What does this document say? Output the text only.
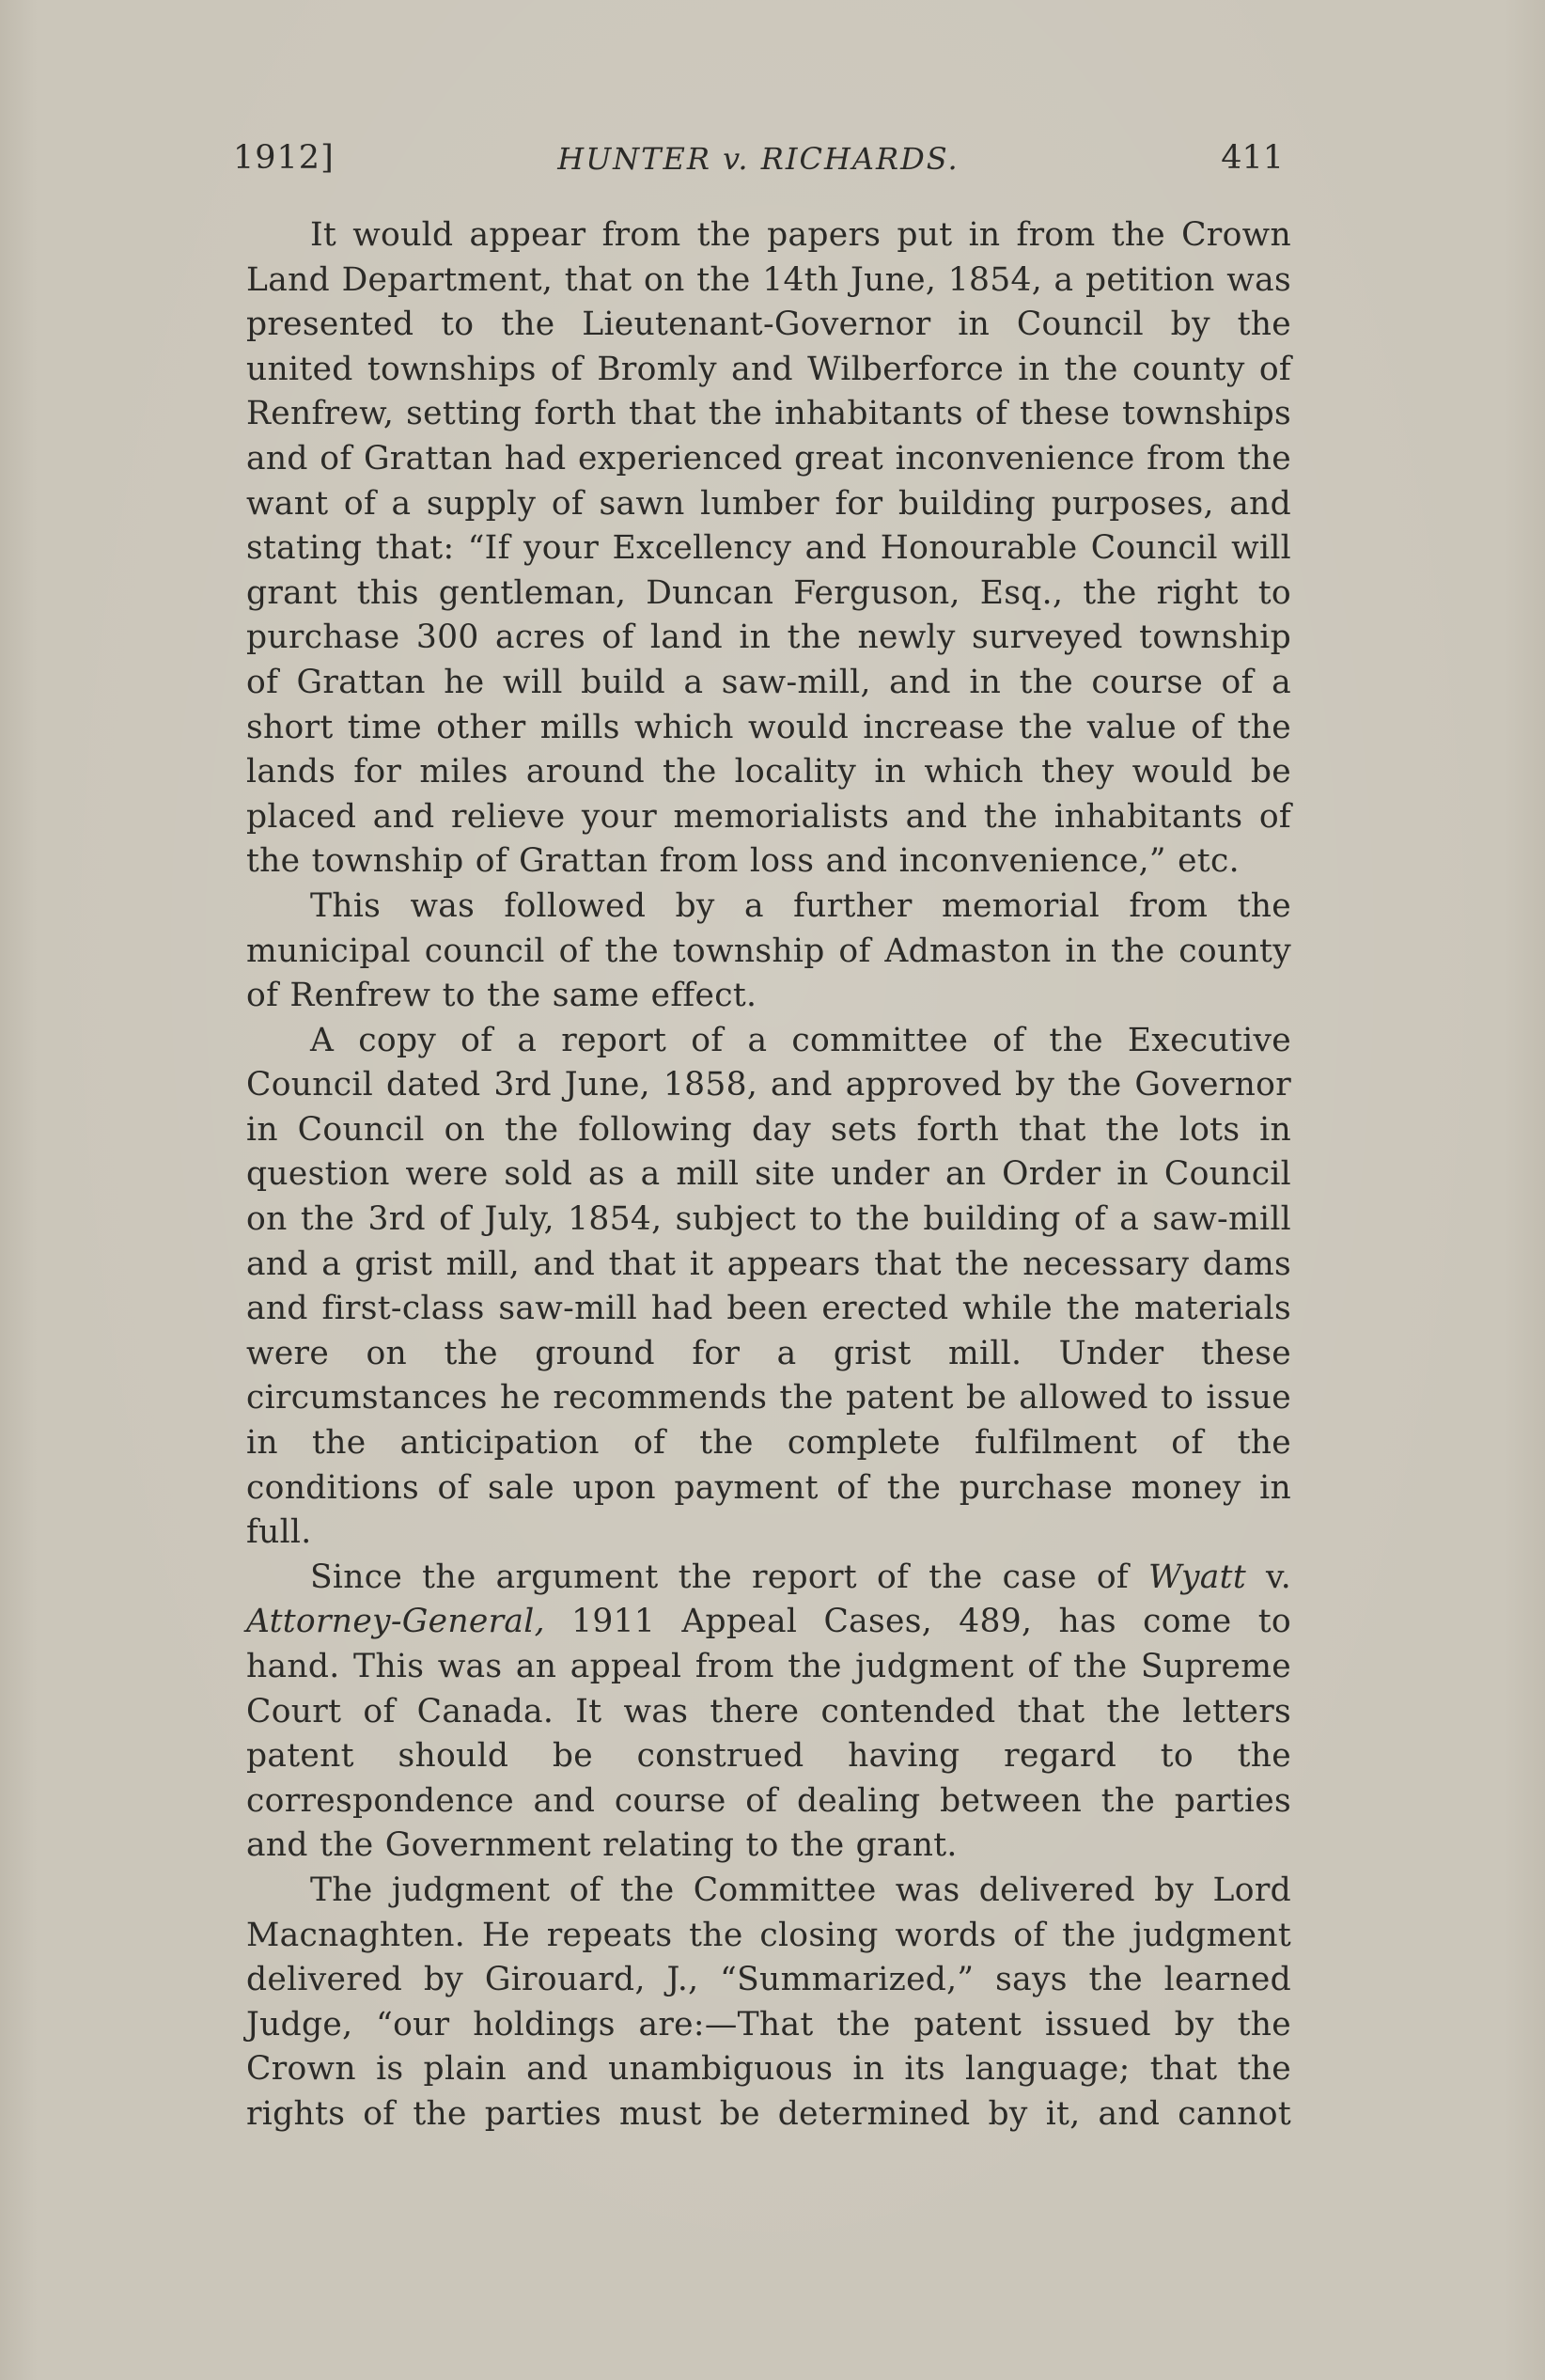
1912]	HUNTER v. RICHARDS.	411

It would appear from the papers put in from the Crown Land Department, that on the 14th June, 1854, a petition was presented to the Lieutenant-Governor in Council by the united townships of Bromly and Wilberforce in the county of Renfrew, setting forth that the inhabitants of these townships and of Grattan had experienced great inconvenience from the want of a supply of sawn lumber for building purposes, and stating that: “If your Excellency and Honourable Council will grant this gentleman, Duncan Ferguson, Esq., the right to purchase 300 acres of land in the newly surveyed township of Grattan he will build a saw-mill, and in the course of a short time other mills which would increase the value of the lands for miles around the locality in which they would be placed and relieve your memorialists and the inhabitants of the township of Grattan from loss and inconvenience,” etc.

This was followed by a further memorial from the municipal council of the township of Admaston in the county of Renfrew to the same effect.

A copy of a report of a committee of the Executive Council dated 3rd June, 1858, and approved by the Governor in Council on the following day sets forth that the lots in question were sold as a mill site under an Order in Council on the 3rd of July, 1854, subject to the building of a saw-mill and a grist mill, and that it appears that the necessary dams and first-class saw-mill had been erected while the materials were on the ground for a grist mill. Under these circumstances he recommends the patent be allowed to issue in the anticipation of the complete fulfilment of the conditions of sale upon payment of the purchase money in full.

Since the argument the report of the case of Wyatt v. Attorney-General, 1911 Appeal Cases, 489, has come to hand. This was an appeal from the judgment of the Supreme Court of Canada. It was there contended that the letters patent should be construed having regard to the correspondence and course of dealing between the parties and the Government relating to the grant.

The judgment of the Committee was delivered by Lord Macnaghten. He repeats the closing words of the judgment delivered by Girouard, J., “Summarized,” says the learned Judge, “our holdings are:—That the patent issued by the Crown is plain and unambiguous in its language; that the rights of the parties must be determined by it, and cannot
